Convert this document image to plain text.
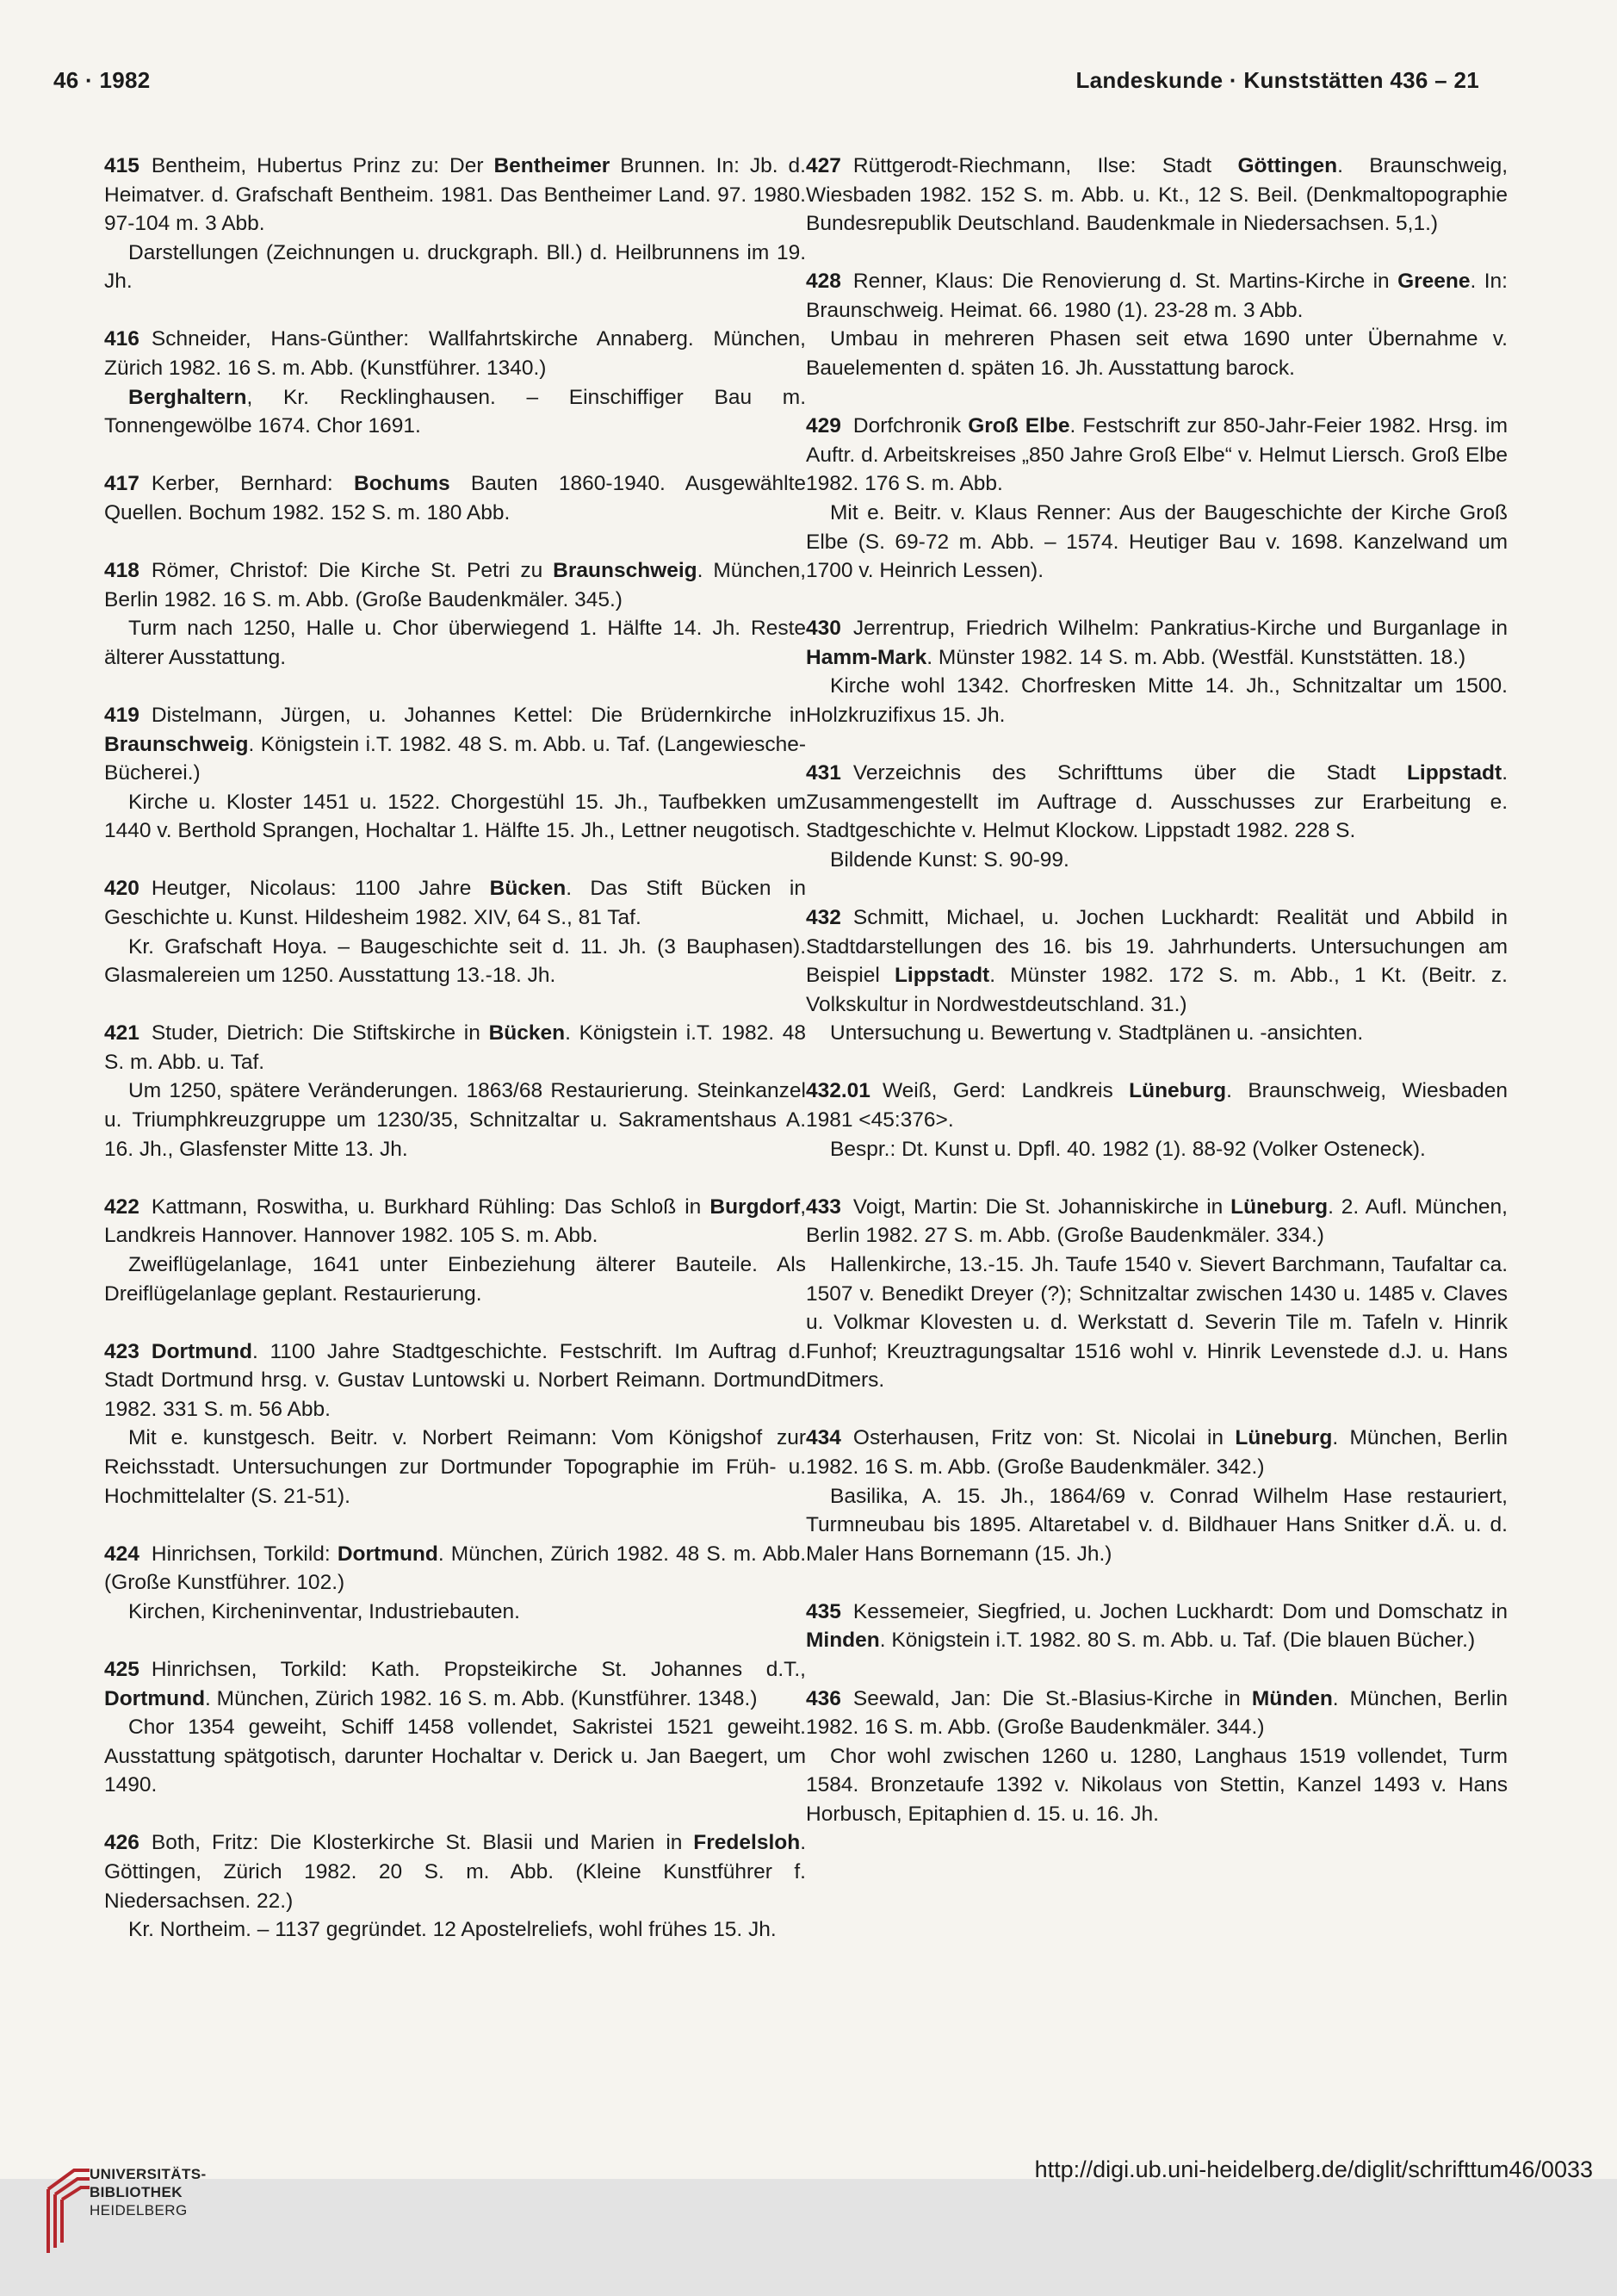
46 · 1982	Landeskunde · Kunststätten 436 – 21

415 Bentheim, Hubertus Prinz zu: Der Bentheimer Brunnen. In: Jb. d. Heimatver. d. Grafschaft Bentheim. 1981. Das Bentheimer Land. 97. 1980. 97-104 m. 3 Abb.

Darstellungen (Zeichnungen u. druckgraph. Bll.) d. Heilbrunnens im 19. Jh.

416 Schneider, Hans-Günther: Wallfahrtskirche Annaberg. München, Zürich 1982. 16 S. m. Abb. (Kunstführer. 1340.)

Berghaltern, Kr. Recklinghausen. – Einschiffiger Bau m. Tonnengewölbe 1674. Chor 1691.

417 Kerber, Bernhard: Bochums Bauten 1860-1940. Ausgewählte Quellen. Bochum 1982. 152 S. m. 180 Abb.

418 Römer, Christof: Die Kirche St. Petri zu Braunschweig. München, Berlin 1982. 16 S. m. Abb. (Große Baudenkmäler. 345.)

Turm nach 1250, Halle u. Chor überwiegend 1. Hälfte 14. Jh. Reste älterer Ausstattung.

419 Distelmann, Jürgen, u. Johannes Kettel: Die Brüdernkirche in Braunschweig. Königstein i.T. 1982. 48 S. m. Abb. u. Taf. (Langewiesche-Bücherei.)

Kirche u. Kloster 1451 u. 1522. Chorgestühl 15. Jh., Taufbekken um 1440 v. Berthold Sprangen, Hochaltar 1. Hälfte 15. Jh., Lettner neugotisch.

420 Heutger, Nicolaus: 1100 Jahre Bücken. Das Stift Bücken in Geschichte u. Kunst. Hildesheim 1982. XIV, 64 S., 81 Taf.

Kr. Grafschaft Hoya. – Baugeschichte seit d. 11. Jh. (3 Bauphasen). Glasmalereien um 1250. Ausstattung 13.-18. Jh.

421 Studer, Dietrich: Die Stiftskirche in Bücken. Königstein i.T. 1982. 48 S. m. Abb. u. Taf.

Um 1250, spätere Veränderungen. 1863/68 Restaurierung. Steinkanzel u. Triumphkreuzgruppe um 1230/35, Schnitzaltar u. Sakramentshaus A. 16. Jh., Glasfenster Mitte 13. Jh.

422 Kattmann, Roswitha, u. Burkhard Rühling: Das Schloß in Burgdorf, Landkreis Hannover. Hannover 1982. 105 S. m. Abb.

Zweiflügelanlage, 1641 unter Einbeziehung älterer Bauteile. Als Dreiflügelanlage geplant. Restaurierung.

423 Dortmund. 1100 Jahre Stadtgeschichte. Festschrift. Im Auftrag d. Stadt Dortmund hrsg. v. Gustav Luntowski u. Norbert Reimann. Dortmund 1982. 331 S. m. 56 Abb.

Mit e. kunstgesch. Beitr. v. Norbert Reimann: Vom Königshof zur Reichsstadt. Untersuchungen zur Dortmunder Topographie im Früh- u. Hochmittelalter (S. 21-51).

424 Hinrichsen, Torkild: Dortmund. München, Zürich 1982. 48 S. m. Abb. (Große Kunstführer. 102.)

Kirchen, Kircheninventar, Industriebauten.

425 Hinrichsen, Torkild: Kath. Propsteikirche St. Johannes d.T., Dortmund. München, Zürich 1982. 16 S. m. Abb. (Kunstführer. 1348.)

Chor 1354 geweiht, Schiff 1458 vollendet, Sakristei 1521 geweiht. Ausstattung spätgotisch, darunter Hochaltar v. Derick u. Jan Baegert, um 1490.

426 Both, Fritz: Die Klosterkirche St. Blasii und Marien in Fredelsloh. Göttingen, Zürich 1982. 20 S. m. Abb. (Kleine Kunstführer f. Niedersachsen. 22.)

Kr. Northeim. – 1137 gegründet. 12 Apostelreliefs, wohl frühes 15. Jh.

427 Rüttgerodt-Riechmann, Ilse: Stadt Göttingen. Braunschweig, Wiesbaden 1982. 152 S. m. Abb. u. Kt., 12 S. Beil. (Denkmaltopographie Bundesrepublik Deutschland. Baudenkmale in Niedersachsen. 5,1.)

428 Renner, Klaus: Die Renovierung d. St. Martins-Kirche in Greene. In: Braunschweig. Heimat. 66. 1980 (1). 23-28 m. 3 Abb.

Umbau in mehreren Phasen seit etwa 1690 unter Übernahme v. Bauelementen d. späten 16. Jh. Ausstattung barock.

429 Dorfchronik Groß Elbe. Festschrift zur 850-Jahr-Feier 1982. Hrsg. im Auftr. d. Arbeitskreises „850 Jahre Groß Elbe“ v. Helmut Liersch. Groß Elbe 1982. 176 S. m. Abb.

Mit e. Beitr. v. Klaus Renner: Aus der Baugeschichte der Kirche Groß Elbe (S. 69-72 m. Abb. – 1574. Heutiger Bau v. 1698. Kanzelwand um 1700 v. Heinrich Lessen).

430 Jerrentrup, Friedrich Wilhelm: Pankratius-Kirche und Burganlage in Hamm-Mark. Münster 1982. 14 S. m. Abb. (Westfäl. Kunststätten. 18.)

Kirche wohl 1342. Chorfresken Mitte 14. Jh., Schnitzaltar um 1500. Holzkruzifixus 15. Jh.

431 Verzeichnis des Schrifttums über die Stadt Lippstadt. Zusammengestellt im Auftrage d. Ausschusses zur Erarbeitung e. Stadtgeschichte v. Helmut Klockow. Lippstadt 1982. 228 S.

Bildende Kunst: S. 90-99.

432 Schmitt, Michael, u. Jochen Luckhardt: Realität und Abbild in Stadtdarstellungen des 16. bis 19. Jahrhunderts. Untersuchungen am Beispiel Lippstadt. Münster 1982. 172 S. m. Abb., 1 Kt. (Beitr. z. Volkskultur in Nordwestdeutschland. 31.)

Untersuchung u. Bewertung v. Stadtplänen u. -ansichten.

432.01 Weiß, Gerd: Landkreis Lüneburg. Braunschweig, Wiesbaden 1981 <45:376>.

Bespr.: Dt. Kunst u. Dpfl. 40. 1982 (1). 88-92 (Volker Osteneck).

433 Voigt, Martin: Die St. Johanniskirche in Lüneburg. 2. Aufl. München, Berlin 1982. 27 S. m. Abb. (Große Baudenkmäler. 334.)

Hallenkirche, 13.-15. Jh. Taufe 1540 v. Sievert Barchmann, Taufaltar ca. 1507 v. Benedikt Dreyer (?); Schnitzaltar zwischen 1430 u. 1485 v. Claves u. Volkmar Klovesten u. d. Werkstatt d. Severin Tile m. Tafeln v. Hinrik Funhof; Kreuztragungsaltar 1516 wohl v. Hinrik Levenstede d.J. u. Hans Ditmers.

434 Osterhausen, Fritz von: St. Nicolai in Lüneburg. München, Berlin 1982. 16 S. m. Abb. (Große Baudenkmäler. 342.)

Basilika, A. 15. Jh., 1864/69 v. Conrad Wilhelm Hase restauriert, Turmneubau bis 1895. Altaretabel v. d. Bildhauer Hans Snitker d.Ä. u. d. Maler Hans Bornemann (15. Jh.)

435 Kessemeier, Siegfried, u. Jochen Luckhardt: Dom und Domschatz in Minden. Königstein i.T. 1982. 80 S. m. Abb. u. Taf. (Die blauen Bücher.)

436 Seewald, Jan: Die St.-Blasius-Kirche in Münden. München, Berlin 1982. 16 S. m. Abb. (Große Baudenkmäler. 344.)

Chor wohl zwischen 1260 u. 1280, Langhaus 1519 vollendet, Turm 1584. Bronzetaufe 1392 v. Nikolaus von Stettin, Kanzel 1493 v. Hans Horbusch, Epitaphien d. 15. u. 16. Jh.

UNIVERSITÄTS-
BIBLIOTHEK
HEIDELBERG
http://digi.ub.uni-heidelberg.de/diglit/schrifttum46/0033
